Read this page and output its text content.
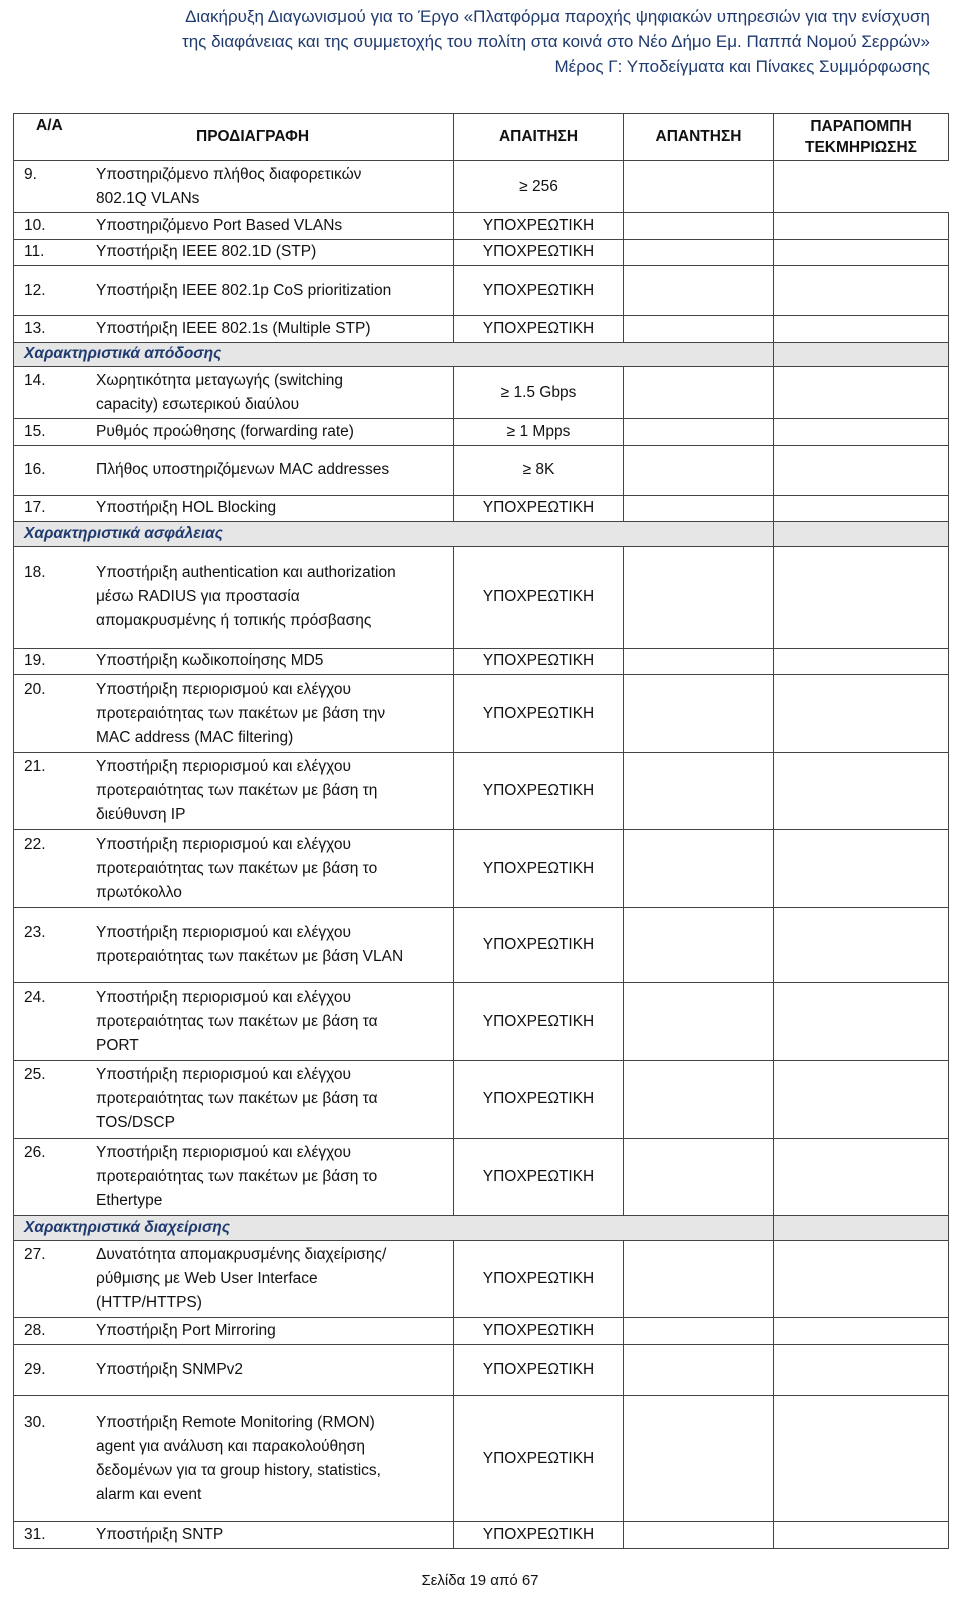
Διακήρυξη Διαγωνισμού για το Έργο «Πλατφόρμα παροχής ψηφιακών υπηρεσιών για την ενίσχυση
της διαφάνειας και της συμμετοχής του πολίτη στα κοινά στο Νέο Δήμο Εμ. Παππά Νομού Σερρών»
Μέρος Γ: Υποδείγματα και Πίνακες Συμμόρφωσης
Α/Α
ΠΡΟΔΙΑΓΡΑΦΗ	ΑΠΑΙΤΗΣΗ	ΑΠΑΝΤΗΣΗ	ΠΑΡΑΠΟΜΠΗ ΤΕΚΜΗΡΙΩΣΗΣ

9. Υποστηριζόμενο πλήθος διαφορετικών 802.1Q VLANs	≥ 256		

10. Υποστηριζόμενο Port Based VLANs	ΥΠΟΧΡΕΩΤΙΚΗ		

11. Υποστήριξη IEEE 802.1D (STP)	ΥΠΟΧΡΕΩΤΙΚΗ		

12. Υποστήριξη IEEE 802.1p CoS prioritization	ΥΠΟΧΡΕΩΤΙΚΗ		

13. Υποστήριξη IEEE 802.1s (Multiple STP)	ΥΠΟΧΡΕΩΤΙΚΗ		
Χαρακτηριστικά απόδοσης			

14. Χωρητικότητα μεταγωγής (switching capacity) εσωτερικού διαύλου	≥ 1.5 Gbps		

15. Ρυθμός προώθησης (forwarding rate)	≥ 1 Mpps		

16. Πλήθος υποστηριζόμενων MAC addresses	≥ 8K		

17. Υποστήριξη HOL Blocking	ΥΠΟΧΡΕΩΤΙΚΗ		
Χαρακτηριστικά ασφάλειας			

18. Υποστήριξη authentication και authorization μέσω RADIUS για προστασία απομακρυσμένης ή τοπικής πρόσβασης	ΥΠΟΧΡΕΩΤΙΚΗ		

19. Υποστήριξη κωδικοποίησης MD5	ΥΠΟΧΡΕΩΤΙΚΗ		

20. Υποστήριξη περιορισμού και ελέγχου προτεραιότητας των πακέτων με βάση την MAC address (MAC filtering)	ΥΠΟΧΡΕΩΤΙΚΗ		

21. Υποστήριξη περιορισμού και ελέγχου προτεραιότητας των πακέτων με βάση τη διεύθυνση IP	ΥΠΟΧΡΕΩΤΙΚΗ		

22. Υποστήριξη περιορισμού και ελέγχου προτεραιότητας των πακέτων με βάση το πρωτόκολλο	ΥΠΟΧΡΕΩΤΙΚΗ		

23. Υποστήριξη περιορισμού και ελέγχου προτεραιότητας των πακέτων με βάση VLAN	ΥΠΟΧΡΕΩΤΙΚΗ		

24. Υποστήριξη περιορισμού και ελέγχου προτεραιότητας των πακέτων με βάση τα PORT	ΥΠΟΧΡΕΩΤΙΚΗ		

25. Υποστήριξη περιορισμού και ελέγχου προτεραιότητας των πακέτων με βάση τα TOS/DSCP	ΥΠΟΧΡΕΩΤΙΚΗ		

26. Υποστήριξη περιορισμού και ελέγχου προτεραιότητας των πακέτων με βάση το Ethertype	ΥΠΟΧΡΕΩΤΙΚΗ		
Χαρακτηριστικά διαχείρισης			

27. Δυνατότητα απομακρυσμένης διαχείρισης/ρύθμισης με Web User Interface (HTTP/HTTPS)	ΥΠΟΧΡΕΩΤΙΚΗ		

28. Υποστήριξη Port Mirroring	ΥΠΟΧΡΕΩΤΙΚΗ		

29. Υποστήριξη SNMPv2	ΥΠΟΧΡΕΩΤΙΚΗ		

30. Υποστήριξη Remote Monitoring (RMON) agent για ανάλυση και παρακολούθηση δεδομένων για τα group history, statistics, alarm και event	ΥΠΟΧΡΕΩΤΙΚΗ		

31. Υποστήριξη SNTP	ΥΠΟΧΡΕΩΤΙΚΗ		
Σελίδα 19 από 67
